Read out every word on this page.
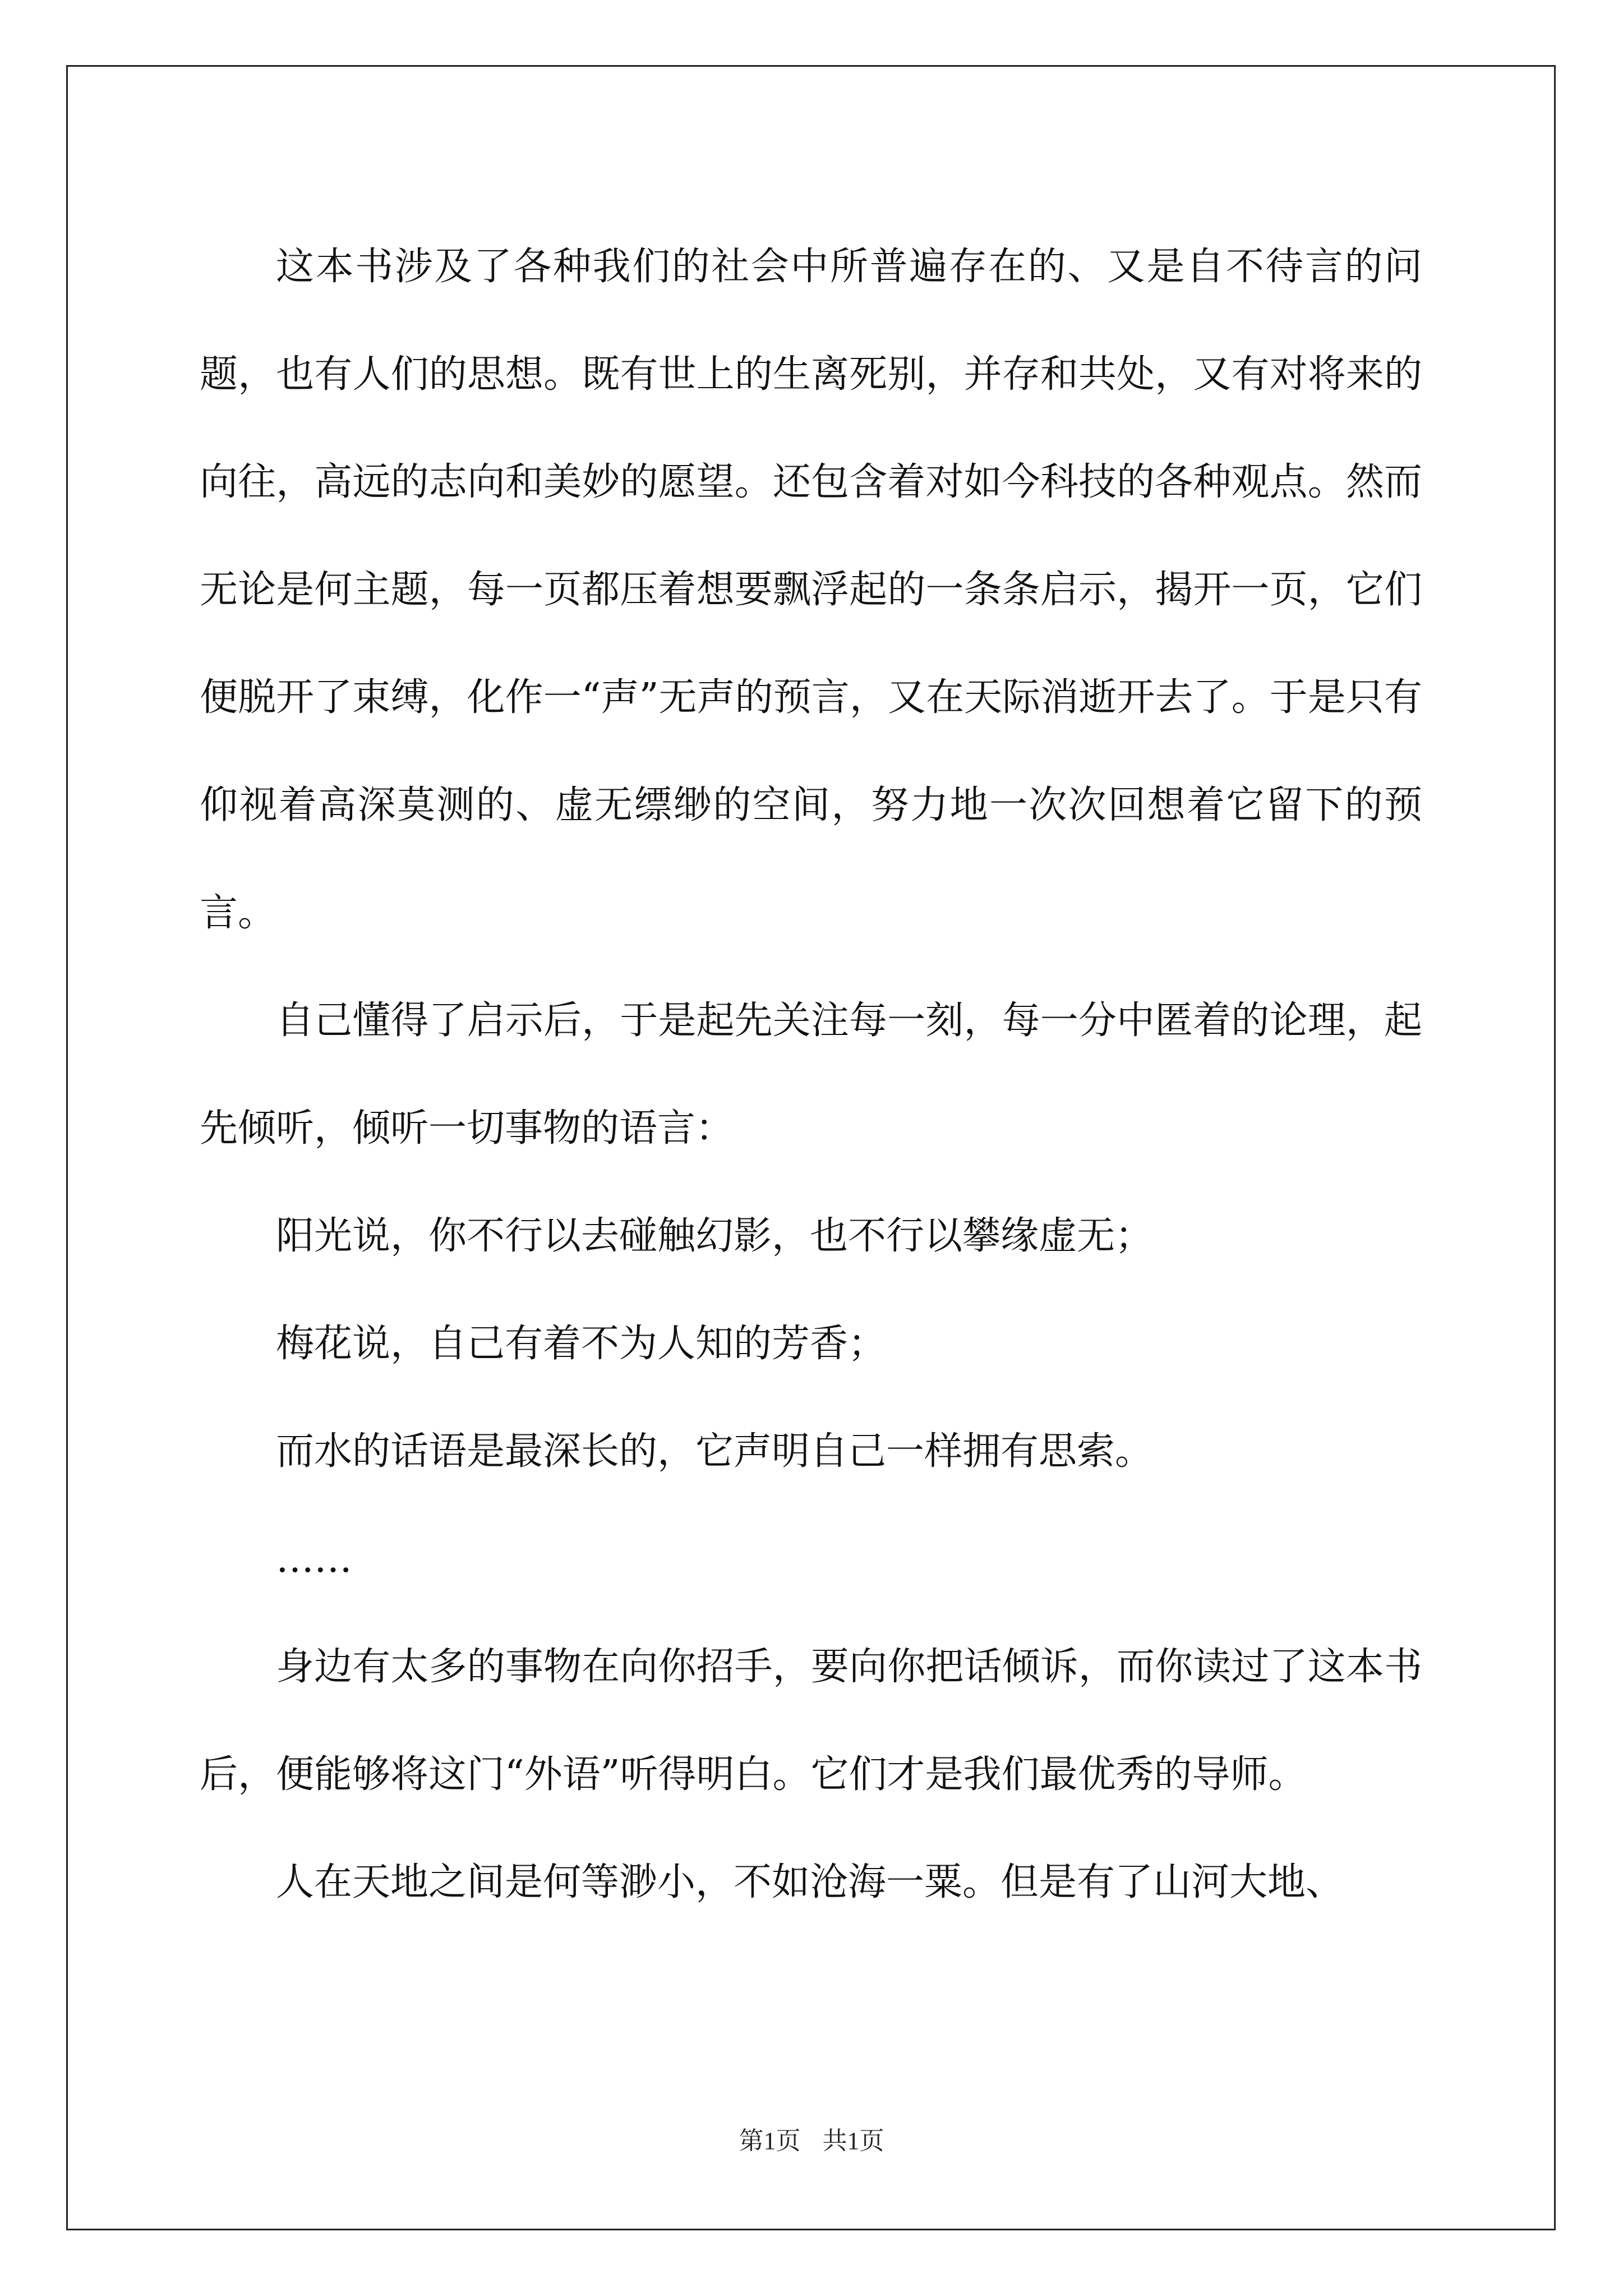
这本书涉及了各种我们的社会中所普遍存在的、又是自不待言的问题，也有人们的思想。既有世上的生离死别，并存和共处，又有对将来的向往，高远的志向和美妙的愿望。还包含着对如今科技的各种观点。然而无论是何主题，每一页都压着想要飘浮起的一条条启示，揭开一页，它们便脱开了束缚，化作一“声”无声的预言，又在天际消逝开去了。于是只有仰视着高深莫测的、虚无缥缈的空间，努力地一次次回想着它留下的预言。

自己懂得了启示后，于是起先关注每一刻，每一分中匿着的论理，起先倾听，倾听一切事物的语言：

阳光说，你不行以去碰触幻影，也不行以攀缘虚无；

梅花说，自己有着不为人知的芳香；

而水的话语是最深长的，它声明自己一样拥有思索。

……

身边有太多的事物在向你招手，要向你把话倾诉，而你读过了这本书后，便能够将这门“外语”听得明白。它们才是我们最优秀的导师。

人在天地之间是何等渺小，不如沧海一粟。但是有了山河大地、

第1页 共1页
